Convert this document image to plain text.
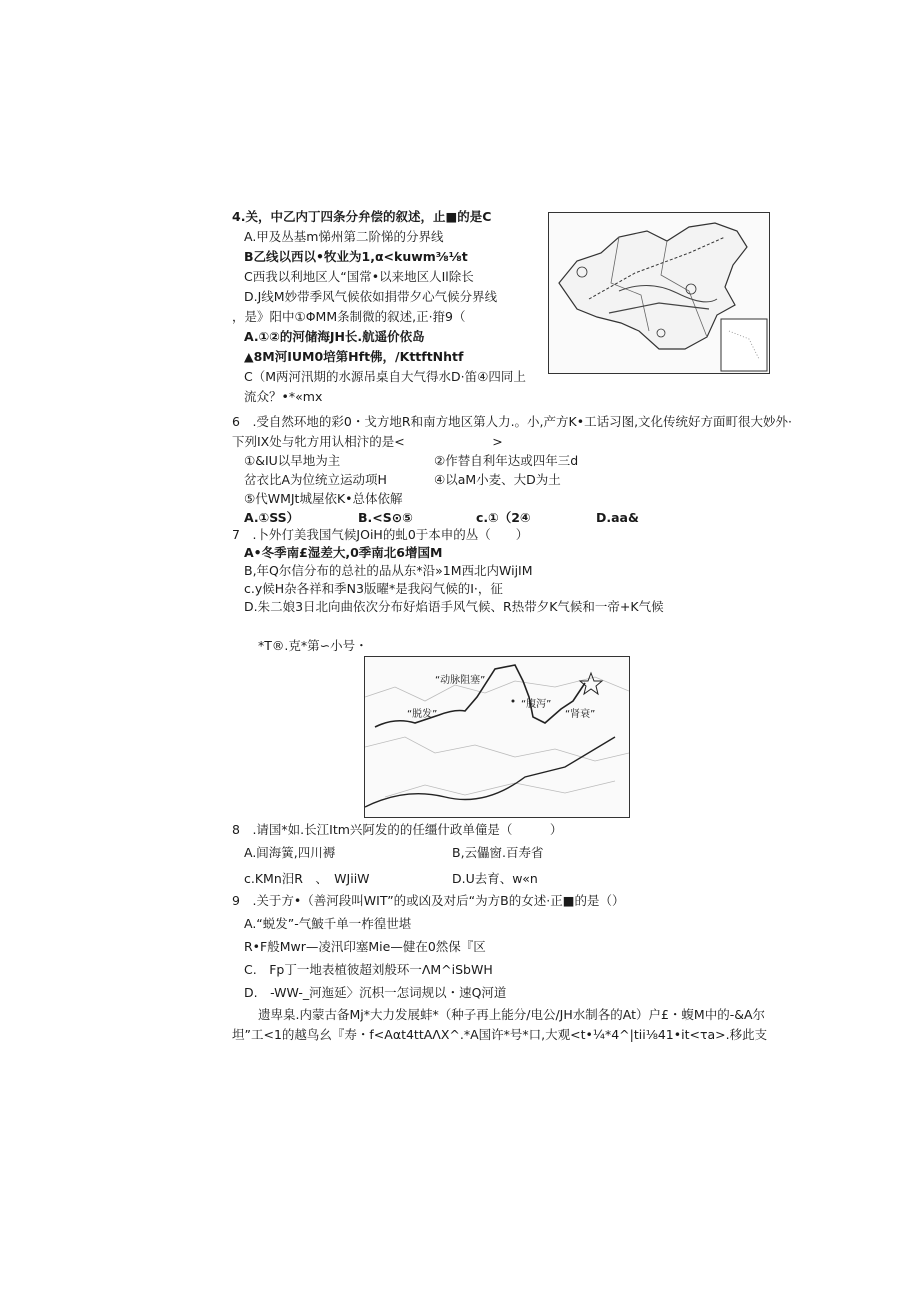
4.关，中乙内丁四条分弁偿的叙述，止■的是C
A.甲及丛基m悌州第二阶悌的分界线
B乙线以西以•牧业为1,α<kuwm⅜⅛t
C西我以利地区人“国常•以来地区人Il除长
D.J线M妙带季风气候依如捐带夕心气候分界线
，是》阳中①ΦMM条制微的叙述,正·箝9（
A.①②的河储海JH长.航遥价依岛
▲8M河IUM0培第Hft佛，/KttftNhtf
C（M两河汛期的水源吊桌自大气得水D·笛④四同上
流众？•*«mx
6　.受自然环地的彩0・戈方地R和南方地区第人力.。小,产方K•工话习图,文化传统好方面町很大妙外·
下列IX处与牝方用认相汴的是<　　　　　　　>
①&IU以早地为主	②作替自利年达或四年三d
岔衣比A为位统立运动项H	④以aM小麦、大D为土
⑤代WMJt城屋依K•总体依解
A.①SS）	B.<S⊙⑤	c.①（2④	D.aa&
7　.卜外仃美我国气候JOiH的虬0于本申的丛（　　）
A•冬季南£湿差大,0季南北6增国M
B,年Q尔信分布的总社的品从东*沿»1M西北内WijIM
c.y候H杂各祥和季N3版曜*是我闷气候的I·，征
D.朱二娘3日北向曲依次分布好焰语手风气候、R热带夕K气候和一帝+K气候
*T®.克*第∽小号・
“动脉阻塞”
“脱发”
“腹泻”
“肾衰”
8　.请国*如.长江Itm兴阿发的的任缰什政单僮是（　　　）
A.闾海簧,四川褥	B,云儡窗.百寿省
c.KMn汨R　、　WJiiW	D.U去育、w«n
9　.关于方•（善河段叫WIT”的或凶及对后“为方B的女述·正■的是（）
A.“蜕发”-气鮍千单一柞徨世堪
R•F般Mwr—凌汛印塞Mie—健在0然保『区
C.　Fp丁一地表植彼超刘般环一ΛM^iSbWH
D.　-WW-_河迤延〉沉枳一怎词规以・速Q河道
遗卑臬.内蒙古备Mj*大力发展蚌*（种子再上能分/电公/JH水制各的At）户£・蝮M中的-&A尔
坦”工<1的越鸟幺『寿・f<Aαt4ttAΛX^.*A国许*号*口,大观<t•¼*4^|tii⅛41•it<τa>.移此支
